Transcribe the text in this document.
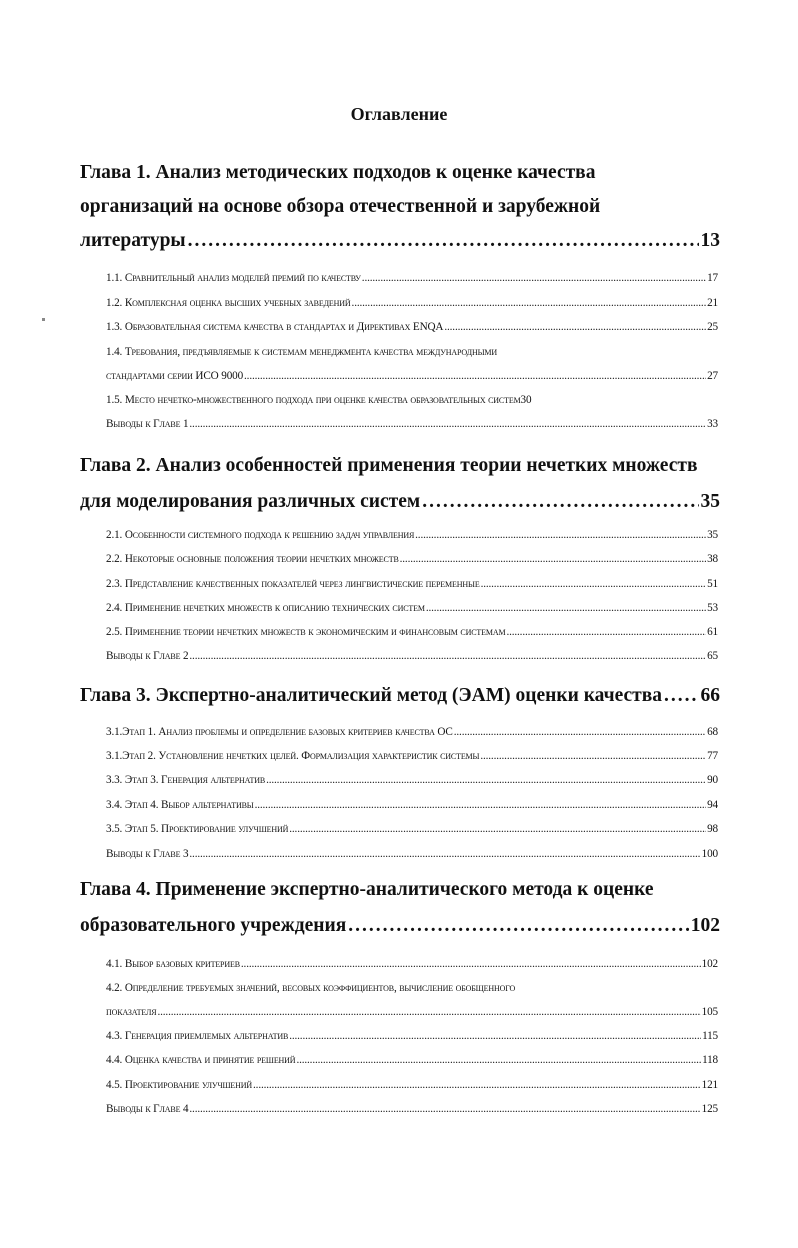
Оглавление
Глава 1. Анализ методических подходов к оценке качества
организаций на основе обзора отечественной и зарубежной
литературы .....	13
1.1. Сравнительный анализ моделей премий по качеству .....	17
1.2. Комплексная оценка высших учебных заведений .....	21
1.3. Образовательная система качества в стандартах и Директивах ENQA .....	25
1.4. Требования, предъявляемые к системам менеджмента качества международными
стандартами серии ИСО 9000 .....	27
1.5. Место нечетко-множественного подхода при оценке качества образовательных систем 30
Выводы к Главе 1 .....	33
Глава 2. Анализ особенностей применения теории нечетких множеств
для моделирования различных систем .....	35
2.1. Особенности системного подхода к решению задач управления .....	35
2.2. Некоторые основные положения теории нечетких множеств .....	38
2.3. Представление качественных показателей через лингвистические переменные .....	51
2.4. Применение нечетких множеств к описанию технических систем .....	53
2.5. Применение теории нечетких множеств к экономическим и финансовым системам .....	61
Выводы к Главе 2 .....	65
Глава 3. Экспертно-аналитический метод (ЭАМ) оценки качества ..... 66
3.1.Этап 1. Анализ проблемы и определение базовых критериев качества ОС .....	68
3.1.Этап 2. Установление нечетких целей. Формализация характеристик системы .....	77
3.3. Этап 3. Генерация альтернатив .....	90
3.4. Этап 4. Выбор альтернативы .....	94
3.5. Этап 5. Проектирование улучшений .....	98
Выводы к Главе 3 .....	100
Глава 4. Применение экспертно-аналитического метода к оценке
образовательного учреждения .....	102
4.1. Выбор базовых критериев .....	102
4.2. Определение требуемых значений, весовых коэффициентов, вычисление обобщенного
показателя .....	105
4.3. Генерация приемлемых альтернатив .....	115
4.4. Оценка качества и принятие решений .....	118
4.5. Проектирование улучшений .....	121
Выводы к Главе 4 .....	125
